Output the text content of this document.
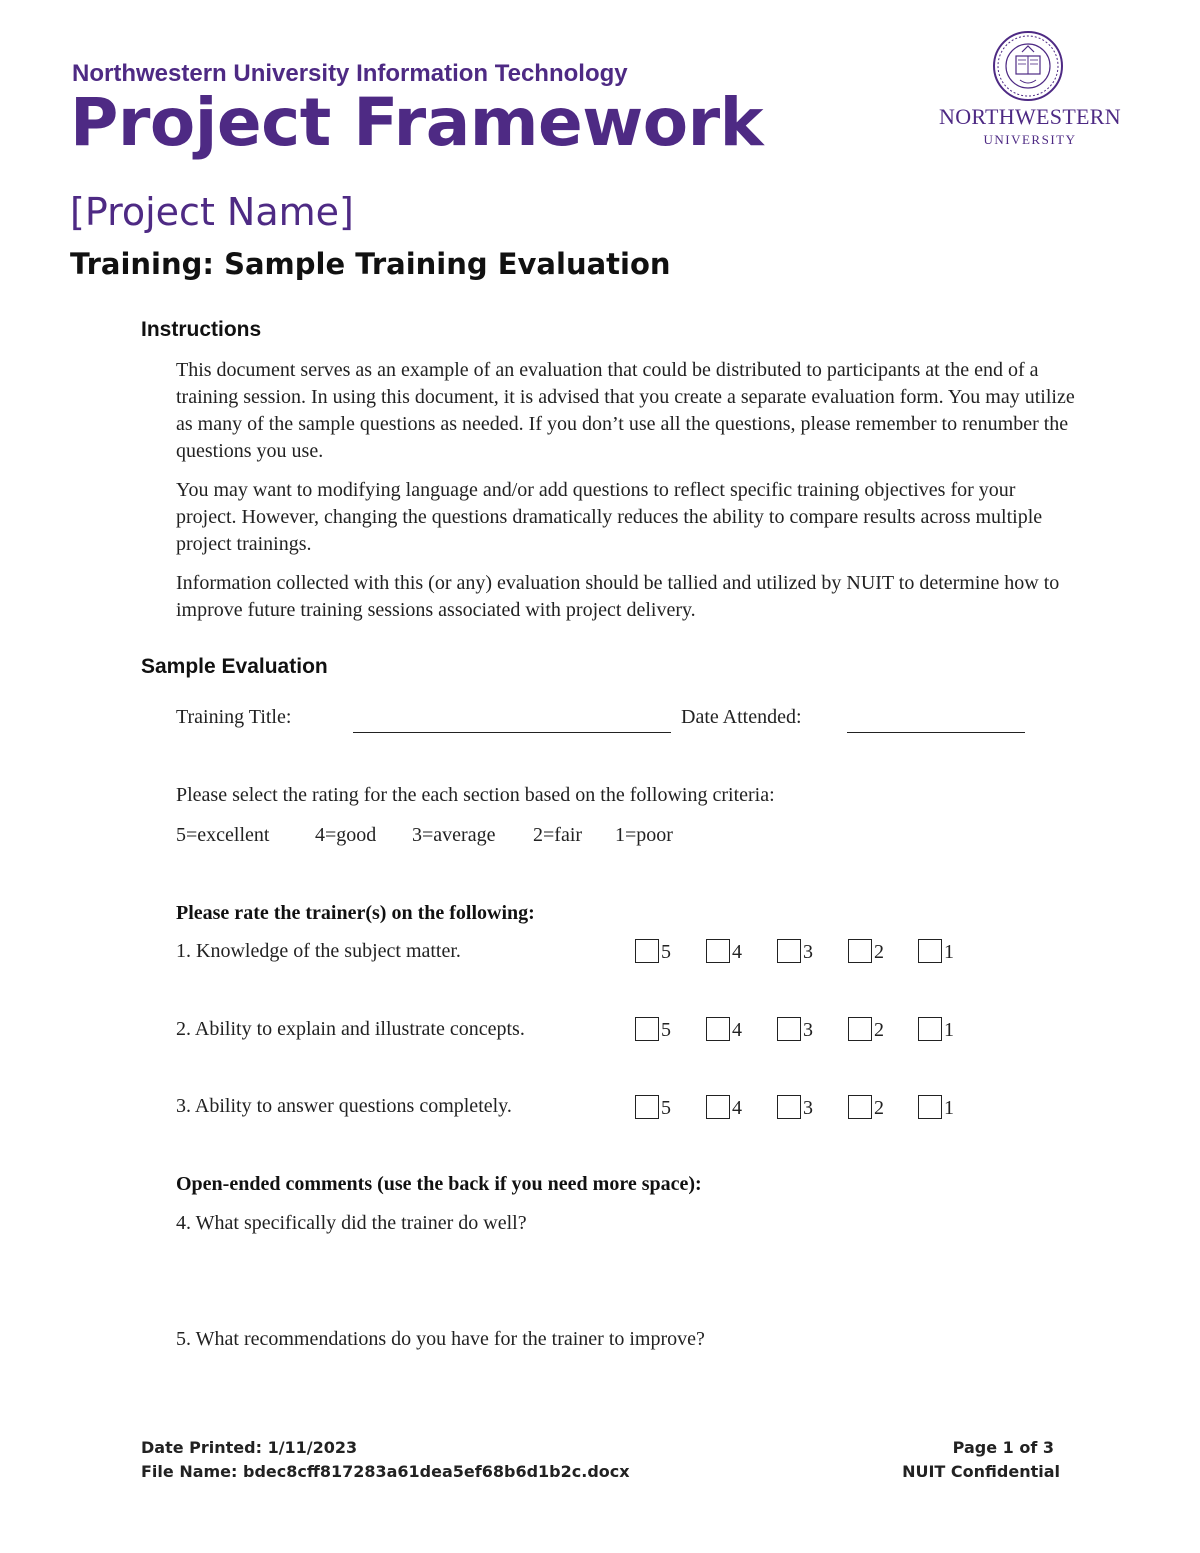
Northwestern University Information Technology
Project Framework	NORTHWESTERN
UNIVERSITY
[Project Name]
Training: Sample Training Evaluation
Instructions
This document serves as an example of an evaluation that could be distributed to participants at the end of a training session. In using this document, it is advised that you create a separate evaluation form. You may utilize as many of the sample questions as needed. If you don’t use all the questions, please remember to renumber the questions you use.
You may want to modifying language and/or add questions to reflect specific training objectives for your project. However, changing the questions dramatically reduces the ability to compare results across multiple project trainings.
Information collected with this (or any) evaluation should be tallied and utilized by NUIT to determine how to improve future training sessions associated with project delivery.
Sample Evaluation
Training Title:	Date Attended:
Please select the rating for the each section based on the following criteria:
5=excellent 4=good 3=average 2=fair 1=poor
Please rate the trainer(s) on the following:
1. Knowledge of the subject matter.	5	4	3	2	1
2. Ability to explain and illustrate concepts.	5	4	3	2	1
3. Ability to answer questions completely.	5	4	3	2	1
Open-ended comments (use the back if you need more space):
4. What specifically did the trainer do well?
5. What recommendations do you have for the trainer to improve?
Date Printed: 1/11/2023
File Name: bdec8cff817283a61dea5ef68b6d1b2c.docx
Page 1 of 3
NUIT Confidential
